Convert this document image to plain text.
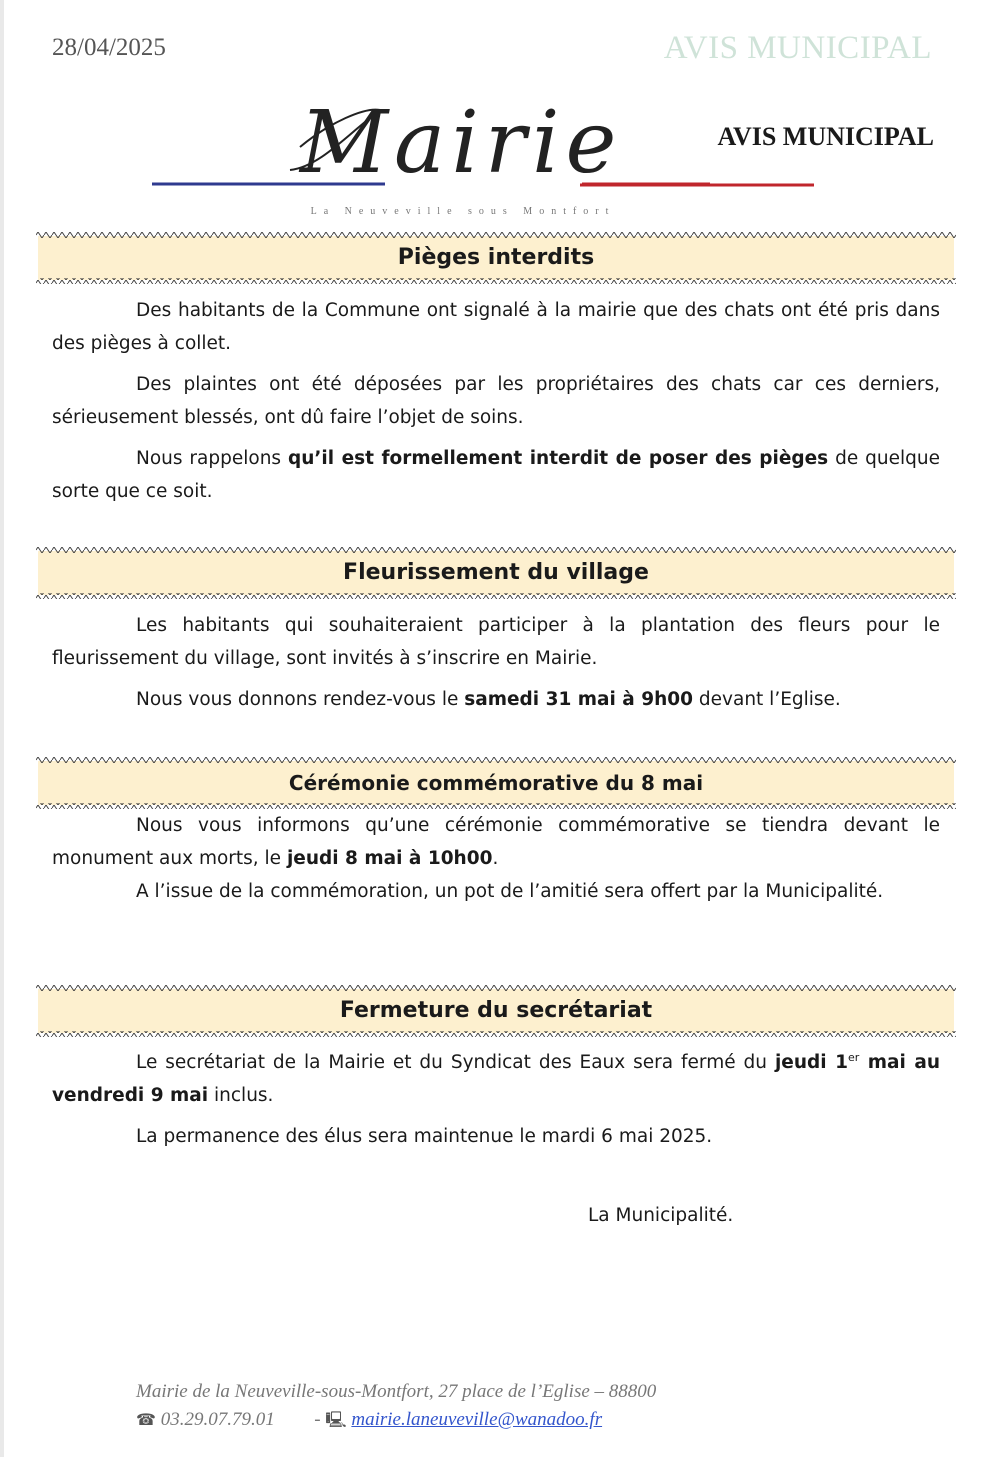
28/04/2025	AVIS MUNICIPAL
Mairie
La Neuveville sous Montfort
AVIS MUNICIPAL
Pièges interdits

Des habitants de la Commune ont signalé à la mairie que des chats ont été pris dans des pièges à collet.

Des plaintes ont été déposées par les propriétaires des chats car ces derniers, sérieusement blessés, ont dû faire l’objet de soins.

Nous rappelons qu’il est formellement interdit de poser des pièges de quelque sorte que ce soit.

Fleurissement du village

Les habitants qui souhaiteraient participer à la plantation des fleurs pour le fleurissement du village, sont invités à s’inscrire en Mairie.

Nous vous donnons rendez-vous le samedi 31 mai à 9h00 devant l’Eglise.

Cérémonie commémorative du 8 mai

Nous vous informons qu’une cérémonie commémorative se tiendra devant le monument aux morts, le jeudi 8 mai à 10h00.

A l’issue de la commémoration, un pot de l’amitié sera offert par la Municipalité.

Fermeture du secrétariat

Le secrétariat de la Mairie et du Syndicat des Eaux sera fermé du jeudi 1er mai au vendredi 9 mai inclus.

La permanence des élus sera maintenue le mardi 6 mai 2025.

La Municipalité.
Mairie de la Neuveville-sous-Montfort, 27 place de l’Eglise – 88800
☎ 03.29.07.79.01 - 🖳 mairie.laneuveville@wanadoo.fr
